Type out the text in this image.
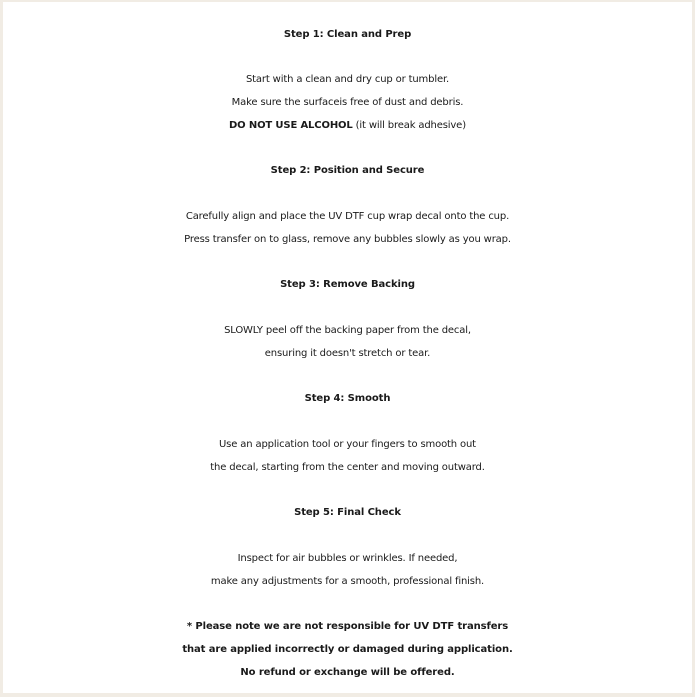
Step 1: Clean and Prep
Start with a clean and dry cup or tumbler.
Make sure the surfaceis free of dust and debris.
DO NOT USE ALCOHOL (it will break adhesive)
Step 2: Position and Secure
Carefully align and place the UV DTF cup wrap decal onto the cup.
Press transfer on to glass, remove any bubbles slowly as you wrap.
Step 3: Remove Backing
SLOWLY peel off the backing paper from the decal,
ensuring it doesn't stretch or tear.
Step 4: Smooth
Use an application tool or your fingers to smooth out
the decal, starting from the center and moving outward.
Step 5: Final Check
Inspect for air bubbles or wrinkles. If needed,
make any adjustments for a smooth, professional finish.
* Please note we are not responsible for UV DTF transfers
that are applied incorrectly or damaged during application.
No refund or exchange will be offered.
